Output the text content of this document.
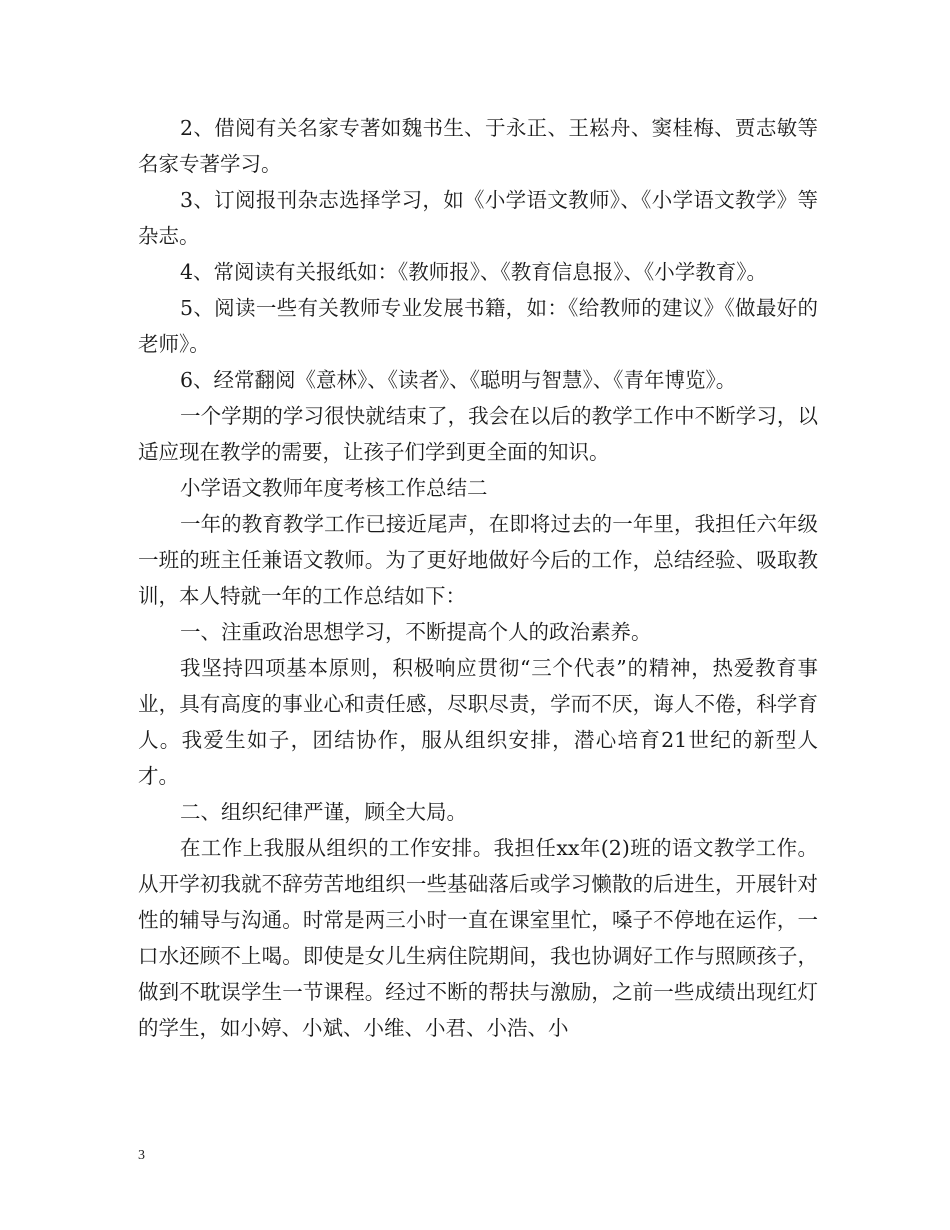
2、借阅有关名家专著如魏书生、于永正、王崧舟、窦桂梅、贾志敏等名家专著学习。

3、订阅报刊杂志选择学习，如《小学语文教师》、《小学语文教学》等杂志。

4、常阅读有关报纸如：《教师报》、《教育信息报》、《小学教育》。

5、阅读一些有关教师专业发展书籍，如：《给教师的建议》《做最好的老师》。

6、经常翻阅《意林》、《读者》、《聪明与智慧》、《青年博览》。

一个学期的学习很快就结束了，我会在以后的教学工作中不断学习，以适应现在教学的需要，让孩子们学到更全面的知识。

小学语文教师年度考核工作总结二

一年的教育教学工作已接近尾声，在即将过去的一年里，我担任六年级一班的班主任兼语文教师。为了更好地做好今后的工作，总结经验、吸取教训，本人特就一年的工作总结如下：

一、注重政治思想学习，不断提高个人的政治素养。

我坚持四项基本原则，积极响应贯彻“三个代表”的精神，热爱教育事业，具有高度的事业心和责任感，尽职尽责，学而不厌，诲人不倦，科学育人。我爱生如子，团结协作，服从组织安排，潜心培育21世纪的新型人才。

二、组织纪律严谨，顾全大局。

在工作上我服从组织的工作安排。我担任xx年(2)班的语文教学工作。从开学初我就不辞劳苦地组织一些基础落后或学习懒散的后进生，开展针对性的辅导与沟通。时常是两三小时一直在课室里忙，嗓子不停地在运作，一口水还顾不上喝。即使是女儿生病住院期间，我也协调好工作与照顾孩子，做到不耽误学生一节课程。经过不断的帮扶与激励，之前一些成绩出现红灯的学生，如小婷、小斌、小维、小君、小浩、小

3
